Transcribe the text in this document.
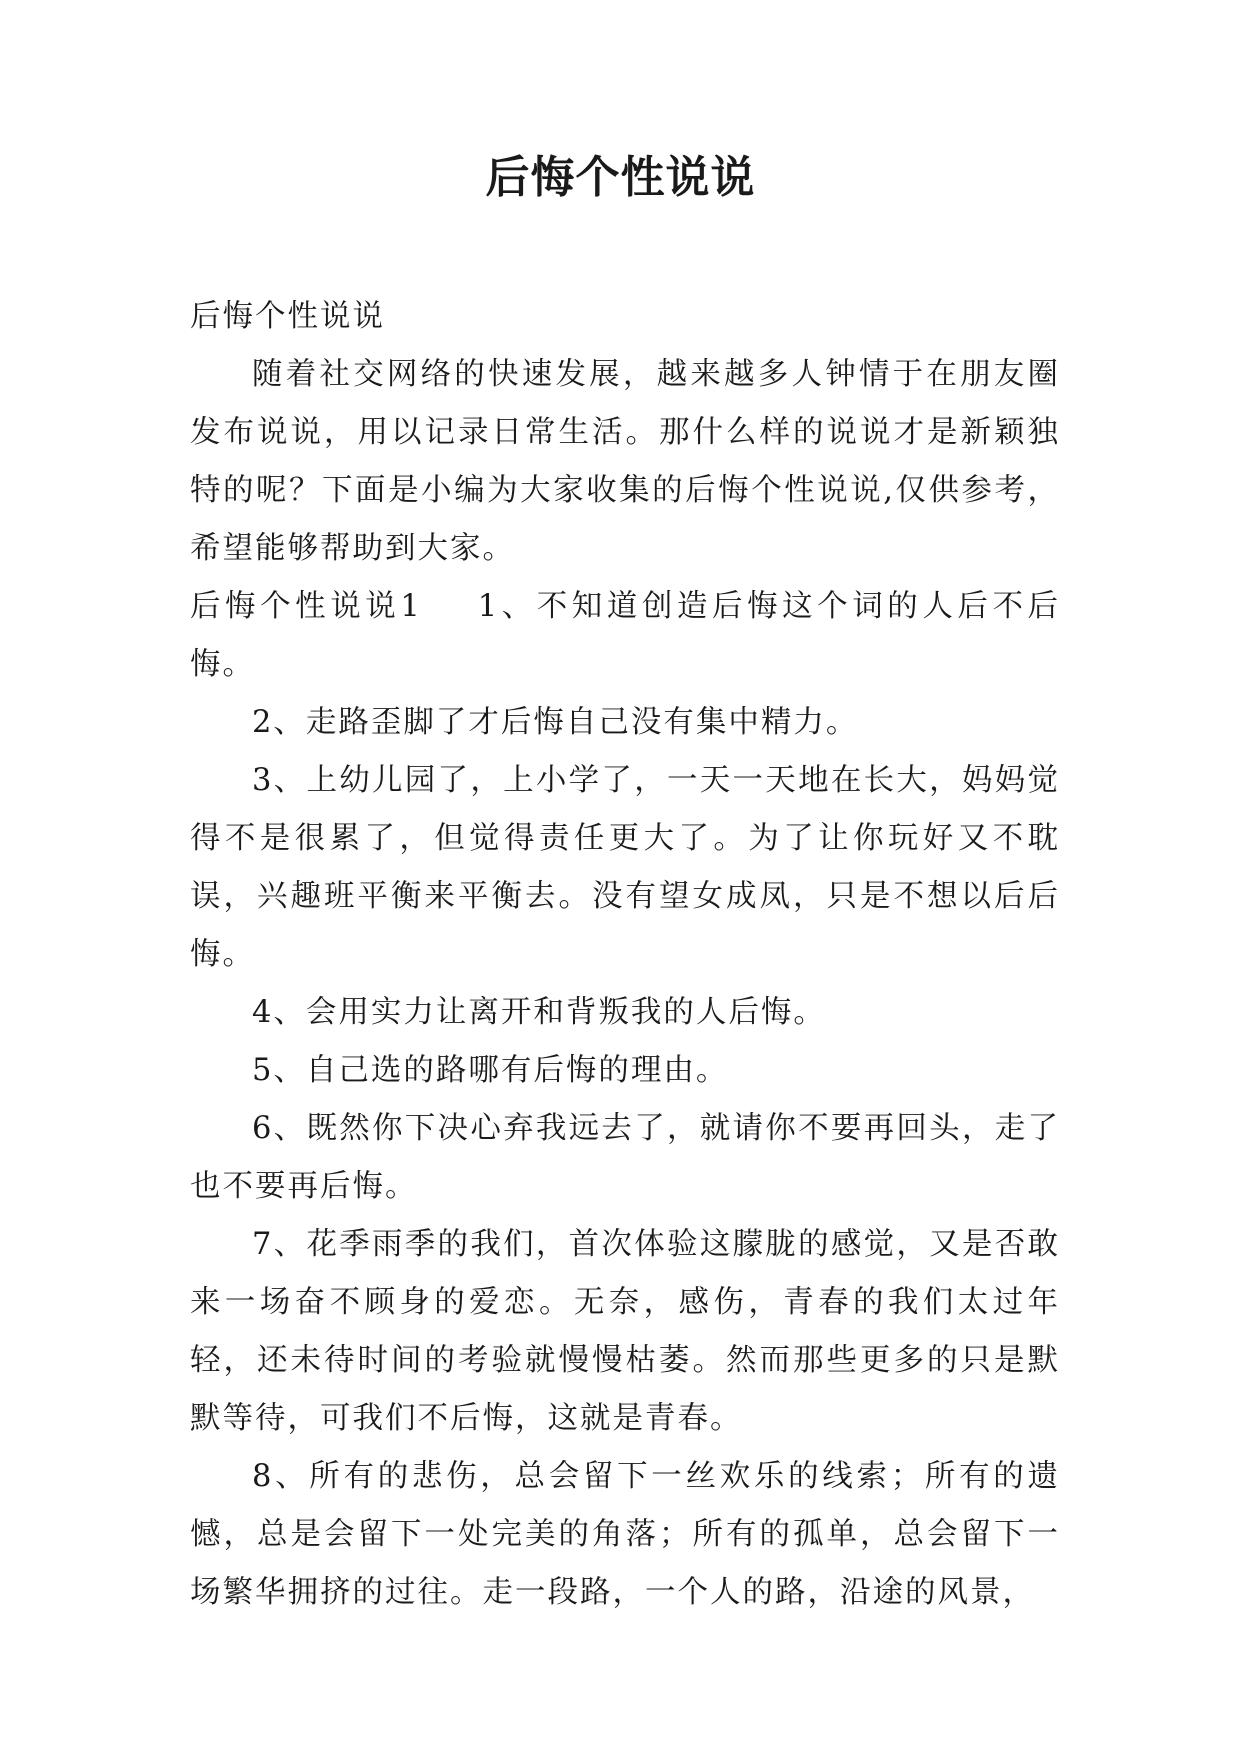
后悔个性说说

后悔个性说说

随着社交网络的快速发展，越来越多人钟情于在朋友圈发布说说，用以记录日常生活。那什么样的说说才是新颖独特的呢？下面是小编为大家收集的后悔个性说说,仅供参考，希望能够帮助到大家。

后悔个性说说1 1、不知道创造后悔这个词的人后不后悔。

2、走路歪脚了才后悔自己没有集中精力。

3、上幼儿园了，上小学了，一天一天地在长大，妈妈觉得不是很累了，但觉得责任更大了。为了让你玩好又不耽误，兴趣班平衡来平衡去。没有望女成凤，只是不想以后后悔。

4、会用实力让离开和背叛我的人后悔。

5、自己选的路哪有后悔的理由。

6、既然你下决心弃我远去了，就请你不要再回头，走了也不要再后悔。

7、花季雨季的我们，首次体验这朦胧的感觉，又是否敢来一场奋不顾身的爱恋。无奈，感伤，青春的我们太过年轻，还未待时间的考验就慢慢枯萎。然而那些更多的只是默默等待，可我们不后悔，这就是青春。

8、所有的悲伤，总会留下一丝欢乐的线索；所有的遗憾，总是会留下一处完美的角落；所有的孤单，总会留下一场繁华拥挤的过往。走一段路，一个人的路，沿途的风景，
